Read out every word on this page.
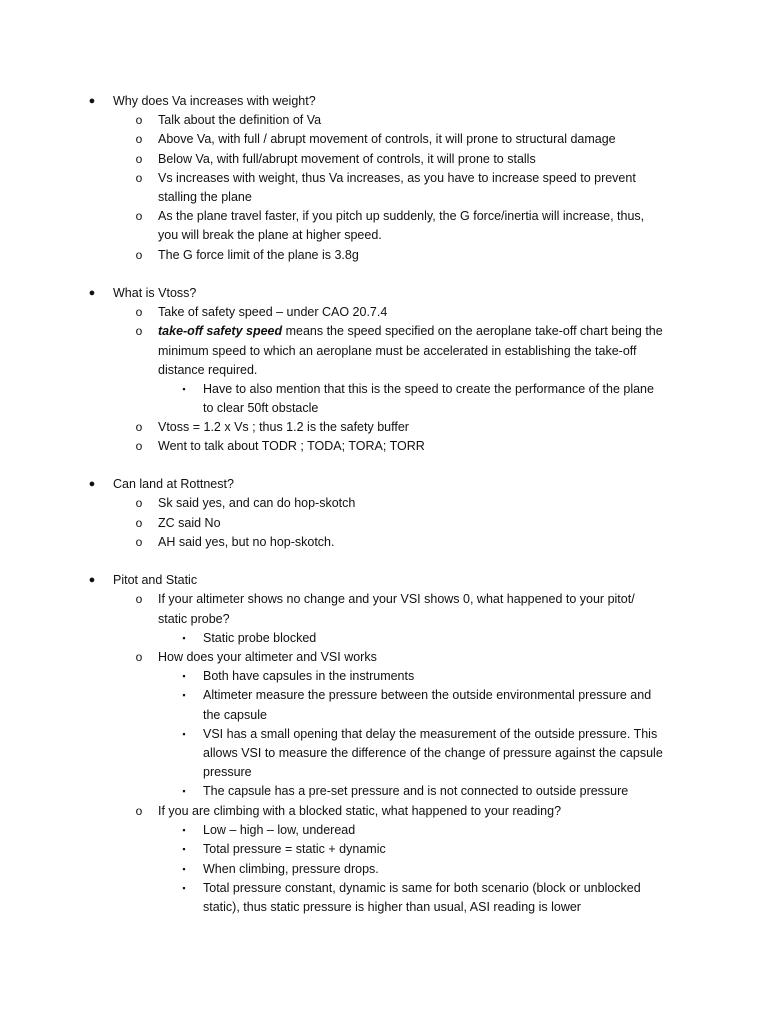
● Why does Va increases with weight?
o Talk about the definition of Va
o Above Va, with full / abrupt movement of controls, it will prone to structural damage
o Below Va, with full/abrupt movement of controls, it will prone to stalls
o Vs increases with weight, thus Va increases, as you have to increase speed to prevent
stalling the plane
o As the plane travel faster, if you pitch up suddenly, the G force/inertia will increase, thus,
you will break the plane at higher speed.
o The G force limit of the plane is 3.8g
● What is Vtoss?
o Take of safety speed – under CAO 20.7.4
o take-off safety speed means the speed specified on the aeroplane take-off chart being the
minimum speed to which an aeroplane must be accelerated in establishing the take-off
distance required.
▪	Have to also mention that this is the speed to create the performance of the plane
to clear 50ft obstacle
o Vtoss = 1.2 x Vs ; thus 1.2 is the safety buffer
o Went to talk about TODR ; TODA; TORA; TORR
● Can land at Rottnest?
o Sk said yes, and can do hop-skotch
o ZC said No
o AH said yes, but no hop-skotch.
● Pitot and Static
o If your altimeter shows no change and your VSI shows 0, what happened to your pitot/
static probe?
▪	Static probe blocked
o How does your altimeter and VSI works
▪	Both have capsules in the instruments
▪	Altimeter measure the pressure between the outside environmental pressure and
the capsule
▪	VSI has a small opening that delay the measurement of the outside pressure. This
allows VSI to measure the difference of the change of pressure against the capsule
pressure
▪	The capsule has a pre-set pressure and is not connected to outside pressure
o If you are climbing with a blocked static, what happened to your reading?
▪	Low – high – low, underead
▪	Total pressure = static + dynamic
▪	When climbing, pressure drops.
▪	Total pressure constant, dynamic is same for both scenario (block or unblocked
static), thus static pressure is higher than usual, ASI reading is lower
